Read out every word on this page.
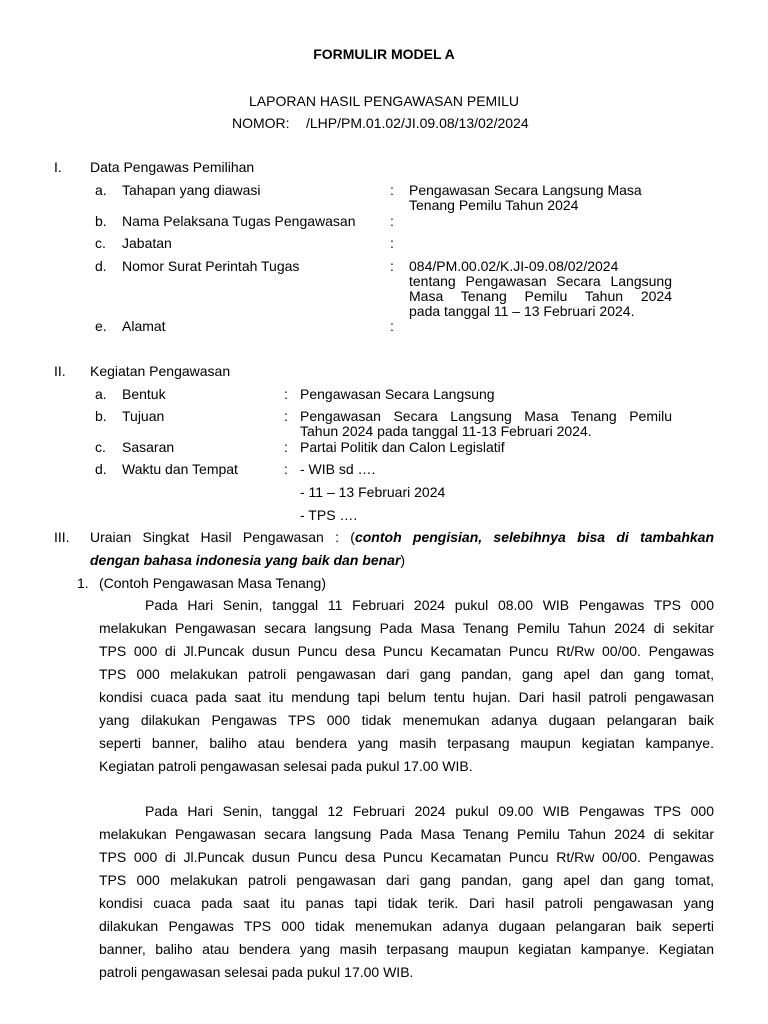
FORMULIR MODEL A
LAPORAN HASIL PENGAWASAN PEMILU
NOMOR: /LHP/PM.01.02/JI.09.08/13/02/2024
I. Data Pengawas Pemilihan
a. Tahapan yang diawasi	: Pengawasan Secara Langsung Masa
Tenang Pemilu Tahun 2024
b. Nama Pelaksana Tugas Pengawasan :
c. Jabatan	:
d. Nomor Surat Perintah Tugas	: 084/PM.00.02/K.JI-09.08/02/2024
tentang Pengawasan Secara Langsung
Masa Tenang Pemilu Tahun 2024
pada tanggal 11 – 13 Februari 2024.
e. Alamat	:
II. Kegiatan Pengawasan
a. Bentuk	: Pengawasan Secara Langsung
b. Tujuan	: Pengawasan Secara Langsung Masa Tenang Pemilu
Tahun 2024 pada tanggal 11-13 Februari 2024.
c. Sasaran	: Partai Politik dan Calon Legislatif
d. Waktu dan Tempat	: - WIB sd ….
- 11 – 13 Februari 2024
- TPS ….
III. Uraian Singkat Hasil Pengawasan : (contoh pengisian, selebihnya bisa di tambahkan
dengan bahasa indonesia yang baik dan benar)
1. (Contoh Pengawasan Masa Tenang)
Pada Hari Senin, tanggal 11 Februari 2024 pukul 08.00 WIB Pengawas TPS 000
melakukan Pengawasan secara langsung Pada Masa Tenang Pemilu Tahun 2024 di sekitar
TPS 000 di Jl.Puncak dusun Puncu desa Puncu Kecamatan Puncu Rt/Rw 00/00. Pengawas
TPS 000 melakukan patroli pengawasan dari gang pandan, gang apel dan gang tomat,
kondisi cuaca pada saat itu mendung tapi belum tentu hujan. Dari hasil patroli pengawasan
yang dilakukan Pengawas TPS 000 tidak menemukan adanya dugaan pelangaran baik
seperti banner, baliho atau bendera yang masih terpasang maupun kegiatan kampanye.
Kegiatan patroli pengawasan selesai pada pukul 17.00 WIB.
Pada Hari Senin, tanggal 12 Februari 2024 pukul 09.00 WIB Pengawas TPS 000
melakukan Pengawasan secara langsung Pada Masa Tenang Pemilu Tahun 2024 di sekitar
TPS 000 di Jl.Puncak dusun Puncu desa Puncu Kecamatan Puncu Rt/Rw 00/00. Pengawas
TPS 000 melakukan patroli pengawasan dari gang pandan, gang apel dan gang tomat,
kondisi cuaca pada saat itu panas tapi tidak terik. Dari hasil patroli pengawasan yang
dilakukan Pengawas TPS 000 tidak menemukan adanya dugaan pelangaran baik seperti
banner, baliho atau bendera yang masih terpasang maupun kegiatan kampanye. Kegiatan
patroli pengawasan selesai pada pukul 17.00 WIB.
